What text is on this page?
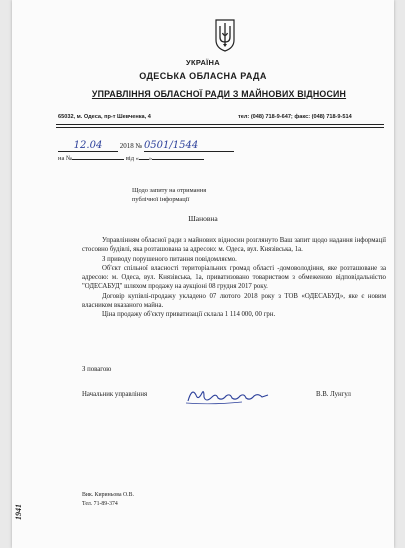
УКРАЇНА
ОДЕСЬКА ОБЛАСНА РАДА
УПРАВЛІННЯ ОБЛАСНОЇ РАДИ З МАЙНОВИХ ВІДНОСИН
65032, м. Одеса, пр-т Шевченка, 4	тел: (048) 718-9-647; факс: (048) 718-9-514
12.04 2018 № 0501/1544
на №	від « »
Щодо запиту на отримання
публічної інформації
Шановна

Управлінням обласної ради з майнових відносин розглянуто Ваш запит щодо надання інформації стосовно будівлі, яка розташована за адресою: м. Одеса, вул. Князівська, 1а.

З приводу порушеного питання повідомляємо.

Об'єкт спільної власності територіальних громад області -домоволодіння, яке розташоване за адресою: м. Одеса, вул. Князівська, 1а, приватизовано товариством з обмеженою відповідальністю "ОДЕСАБУД" шляхом продажу на аукціоні 08 грудня 2017 року.

Договір купівлі-продажу укладено 07 лютого 2018 року з ТОВ «ОДЕСАБУД», яке є новим власником вказаного майна.

Ціна продажу об'єкту приватизації склала 1 114 000, 00 грн.

З повагою
Начальник управління	В.В. Лунгул
Вик. Кириньова О.В.
Тел. 71-89-374
1941
